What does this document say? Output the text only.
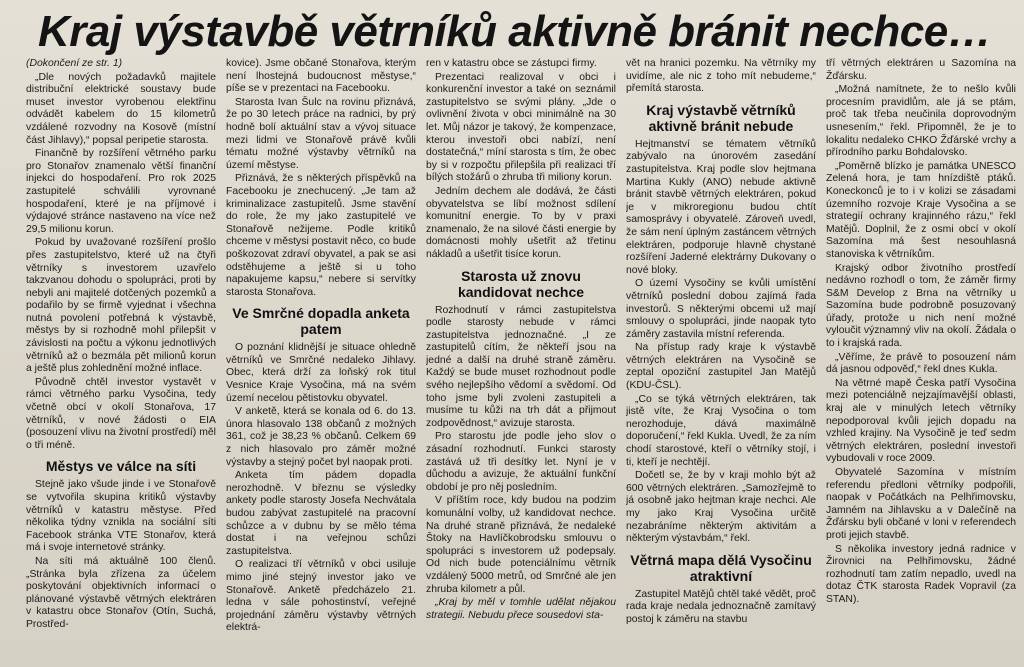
Kraj výstavbě větrníků aktivně bránit nechce…

(Dokončení ze str. 1)

„Dle nových požadavků majitele distribuční elektrické soustavy bude muset investor vyrobenou elektřinu odvádět kabelem do 15 kilometrů vzdálené rozvodny na Kosově (místní část Jihlavy),“ popsal peripetie starosta.

Finančně by rozšíření větrného parku pro Stonařov znamenalo větší finanční injekci do hospodaření. Pro rok 2025 zastupitelé schválili vyrovnané hospodaření, které je na příjmové i výdajové stránce nastaveno na více než 29,5 milionu korun.

Pokud by uvažované rozšíření prošlo přes zastupitelstvo, které už na čtyři větrníky s investorem uzavřelo takzvanou dohodu o spolupráci, proti by nebyli ani majitelé dotčených pozemků a podařilo by se firmě vyjednat i všechna nutná povolení potřebná k výstavbě, městys by si rozhodně mohl přilepšit v závislosti na počtu a výkonu jednotlivých větrníků až o bezmála pět milionů korun a ještě plus zohlednění možné inflace.

Původně chtěl investor vystavět v rámci větrného parku Vysočina, tedy včetně obcí v okolí Stonařova, 17 větrníků, v nové žádosti o EIA (posouzení vlivu na životní prostředí) měl o tři méně.

Městys ve válce na síti

Stejně jako všude jinde i ve Stonařově se vytvořila skupina kritiků výstavby větrníků v katastru městyse. Před několika týdny vznikla na sociální síti Facebook stránka VTE Stonařov, která má i svoje internetové stránky.

Na síti má aktuálně 100 členů. „Stránka byla zřízena za účelem poskytování objektivních informací o plánované výstavbě větrných elektráren v katastru obce Stonařov (Otín, Suchá, Prostřed-

kovice). Jsme občané Stonařova, kterým není lhostejná budoucnost městyse,“ píše se v prezentaci na Facebooku.

Starosta Ivan Šulc na rovinu přiznává, že po 30 letech práce na radnici, by prý hodně bolí aktuální stav a vývoj situace mezi lidmi ve Stonařově právě kvůli tématu možné výstavby větrníků na území městyse.

Přiznává, že s některých příspěvků na Facebooku je znechucený. „Je tam až kriminalizace zastupitelů. Jsme stavění do role, že my jako zastupitelé ve Stonařově nežijeme. Podle kritiků chceme v městysi postavit něco, co bude poškozovat zdraví obyvatel, a pak se asi odstěhujeme a ještě si u toho napakujeme kapsu,“ nebere si servítky starosta Stonařova.

Ve Smrčné dopadla anketa patem

O poznání klidnější je situace ohledně větrníků ve Smrčné nedaleko Jihlavy. Obec, která drží za loňský rok titul Vesnice Kraje Vysočina, má na svém území necelou pětistovku obyvatel.

V anketě, která se konala od 6. do 13. února hlasovalo 138 občanů z možných 361, což je 38,23 % občanů. Celkem 69 z nich hlasovalo pro záměr možné výstavby a stejný počet byl naopak proti.

Anketa tím pádem dopadla nerozhodně. V březnu se výsledky ankety podle starosty Josefa Nechvátala budou zabývat zastupitelé na pracovní schůzce a v dubnu by se mělo téma dostat i na veřejnou schůzi zastupitelstva.

O realizaci tří větrníků v obci usiluje mimo jiné stejný investor jako ve Stonařově. Anketě předcházelo 21. ledna v sále pohostinství, veřejné projednání záměru výstavby větrných elektrá-

ren v katastru obce se zástupci firmy.

Prezentaci realizoval v obci i konkurenční investor a také on seznámil zastupitelstvo se svými plány. „Jde o ovlivnění života v obci minimálně na 30 let. Můj názor je takový, že kompenzace, kterou investoři obci nabízí, není dostatečná,“ míní starosta s tím, že obec by si v rozpočtu přilepšila při realizaci tří bílých stožárů o zhruba tři miliony korun.

Jedním dechem ale dodává, že části obyvatelstva se líbí možnost sdílení komunitní energie. To by v praxi znamenalo, že na silové části energie by domácnosti mohly ušetřit až třetinu nákladů a ušetřit tisíce korun.

Starosta už znovu kandidovat nechce

Rozhodnutí v rámci zastupitelstva podle starosty nebude v rámci zastupitelstva jednoznačné. „I ze zastupitelů cítím, že někteří jsou na jedné a další na druhé straně záměru. Každý se bude muset rozhodnout podle svého nejlepšího vědomí a svědomí. Od toho jsme byli zvoleni zastupiteli a musíme tu kůži na trh dát a přijmout zodpovědnost,“ avizuje starosta.

Pro starostu jde podle jeho slov o zásadní rozhodnutí. Funkci starosty zastává už tři desítky let. Nyní je v důchodu a avizuje, že aktuální funkční období je pro něj posledním.

V příštím roce, kdy budou na podzim komunální volby, už kandidovat nechce. Na druhé straně přiznává, že nedaleké Štoky na Havlíčkobrodsku smlouvu o spolupráci s investorem už podepsaly. Od nich bude potenciálnímu větrník vzdálený 5000 metrů, od Smrčné ale jen zhruba kilometr a půl.

„Kraj by měl v tomhle udělat nějakou strategii. Nebudu přece sousedovi sta-

vět na hranici pozemku. Na větrníky my uvidíme, ale nic z toho mít nebudeme,“ přemítá starosta.

Kraj výstavbě větrníků aktivně bránit nebude

Hejtmanství se tématem větrníků zabývalo na únorovém zasedání zastupitelstva. Kraj podle slov hejtmana Martina Kukly (ANO) nebude aktivně bránit stavbě větrných elektráren, pokud je v mikroregionu budou chtít samosprávy i obyvatelé. Zároveň uvedl, že sám není úplným zastáncem větrných elektráren, podporuje hlavně chystané rozšíření Jaderné elektrárny Dukovany o nové bloky.

O území Vysočiny se kvůli umístění větrníků poslední dobou zajímá řada investorů. S některými obcemi už mají smlouvy o spolupráci, jinde naopak tyto záměry zastavila místní referenda.

Na přístup rady kraje k výstavbě větrných elektráren na Vysočině se zeptal opoziční zastupitel Jan Matějů (KDU-ČSL).

„Co se týká větrných elektráren, tak jistě víte, že Kraj Vysočina o tom nerozhoduje, dává maximálně doporučení,“ řekl Kukla. Uvedl, že za ním chodí starostové, kteří o větrníky stojí, i ti, kteří je nechtějí.

Dočetl se, že by v kraji mohlo být až 600 větrných elektráren. „Samozřejmě to já osobně jako hejtman kraje nechci. Ale my jako Kraj Vysočina určitě nezabráníme některým aktivitám a některým výstavbám,“ řekl.

Větrná mapa dělá Vysočinu atraktivní

Zastupitel Matějů chtěl také vědět, proč rada kraje nedala jednoznačně zamítavý postoj k záměru na stavbu

tří větrných elektráren u Sazomína na Žďársku.

„Možná namítnete, že to nešlo kvůli procesním pravidlům, ale já se ptám, proč tak třeba neučinila doprovodným usnesením,“ řekl. Připomněl, že je to lokalitu nedaleko CHKO Žďárské vrchy a přírodního parku Bohdalovsko.

„Poměrně blízko je památka UNESCO Zelená hora, je tam hnízdiště ptáků. Koneckonců je to i v kolizi se zásadami územního rozvoje Kraje Vysočina a se strategií ochrany krajinného rázu,“ řekl Matějů. Doplnil, že z osmi obcí v okolí Sazomína má šest nesouhlasná stanoviska k větrníkům.

Krajský odbor životního prostředí nedávno rozhodl o tom, že záměr firmy S&M Develop z Brna na větrníky u Sazomína bude podrobně posuzovaný úřady, protože u nich není možné vyloučit významný vliv na okolí. Žádala o to i krajská rada.

„Věříme, že právě to posouzení nám dá jasnou odpověď,“ řekl dnes Kukla.

Na větrné mapě Česka patří Vysočina mezi potenciálně nejzajímavější oblasti, kraj ale v minulých letech větrníky nepodporoval kvůli jejich dopadu na vzhled krajiny. Na Vysočině je teď sedm větrných elektráren, poslední investoři vybudovali v roce 2009.

Obyvatelé Sazomína v místním referendu předloni větrníky podpořili, naopak v Počátkách na Pelhřimovsku, Jamném na Jihlavsku a v Dalečíně na Žďársku byli občané v loni v referendech proti jejich stavbě.

S několika investory jedná radnice v Žirovnici na Pelhřimovsku, žádné rozhodnutí tam zatím nepadlo, uvedl na dotaz ČTK starosta Radek Vopravil (za STAN).
